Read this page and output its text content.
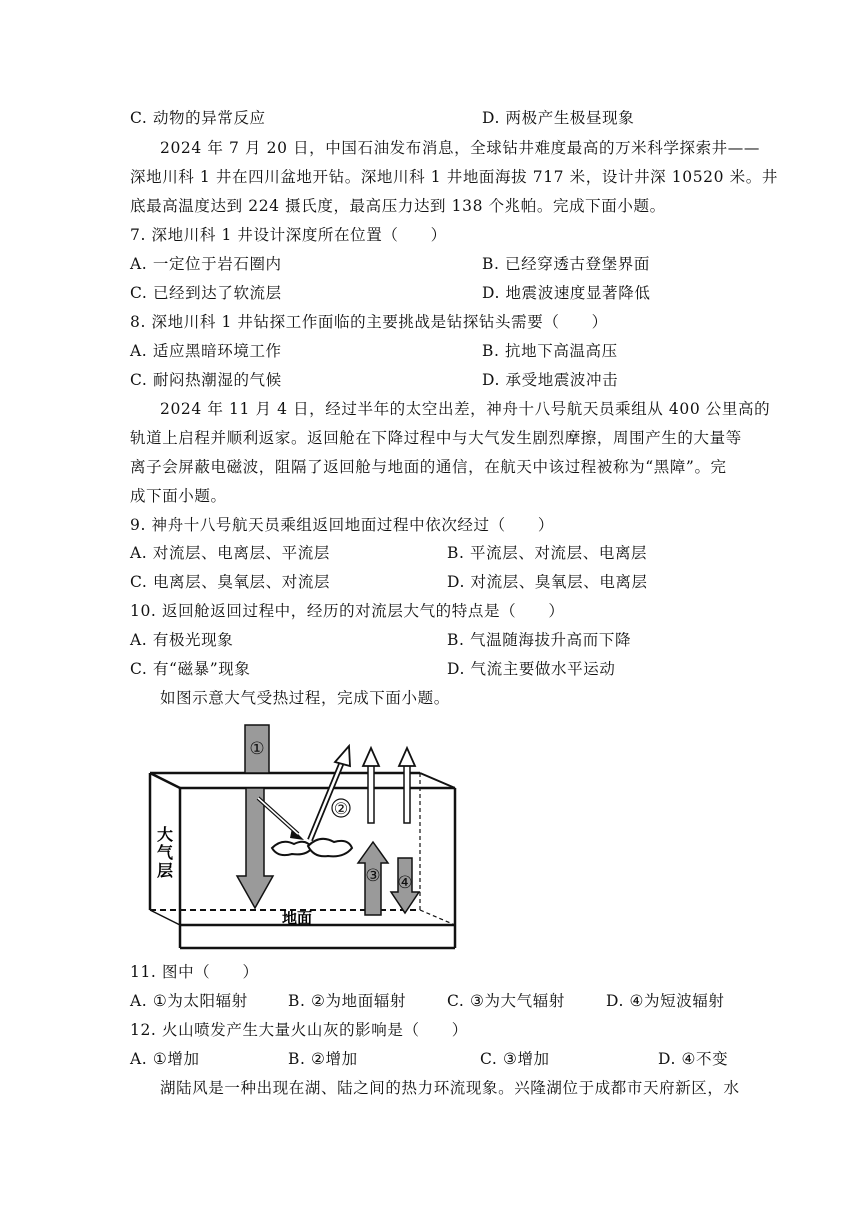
C. 动物的异常反应	D. 两极产生极昼现象
2024 年 7 月 20 日，中国石油发布消息，全球钻井难度最高的万米科学探索井——
深地川科 1 井在四川盆地开钻。深地川科 1 井地面海拔 717 米，设计井深 10520 米。井
底最高温度达到 224 摄氏度，最高压力达到 138 个兆帕。完成下面小题。
7. 深地川科 1 井设计深度所在位置（　　）
A. 一定位于岩石圈内	B. 已经穿透古登堡界面
C. 已经到达了软流层	D. 地震波速度显著降低
8. 深地川科 1 井钻探工作面临的主要挑战是钻探钻头需要（　　）
A. 适应黑暗环境工作	B. 抗地下高温高压
C. 耐闷热潮湿的气候	D. 承受地震波冲击
2024 年 11 月 4 日，经过半年的太空出差，神舟十八号航天员乘组从 400 公里高的
轨道上启程并顺利返家。返回舱在下降过程中与大气发生剧烈摩擦，周围产生的大量等
离子会屏蔽电磁波，阻隔了返回舱与地面的通信，在航天中该过程被称为“黑障”。完
成下面小题。
9. 神舟十八号航天员乘组返回地面过程中依次经过（　　）
A. 对流层、电离层、平流层	B. 平流层、对流层、电离层
C. 电离层、臭氧层、对流层	D. 对流层、臭氧层、电离层
10. 返回舱返回过程中，经历的对流层大气的特点是（　　）
A. 有极光现象	B. 气温随海拔升高而下降
C. 有“磁暴”现象	D. 气流主要做水平运动
如图示意大气受热过程，完成下面小题。
①
②
③ ④
大
气
层
地面
11. 图中（　　）
A. ①为太阳辐射	B. ②为地面辐射	C. ③为大气辐射	D. ④为短波辐射
12. 火山喷发产生大量火山灰的影响是（　　）
A. ①增加	B. ②增加	C. ③增加	D. ④不变
湖陆风是一种出现在湖、陆之间的热力环流现象。兴隆湖位于成都市天府新区，水
